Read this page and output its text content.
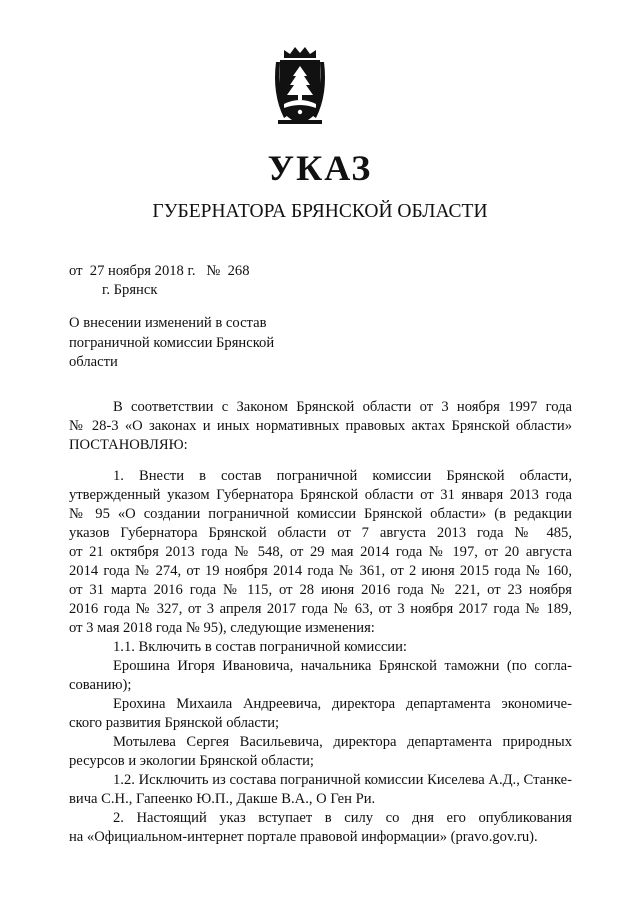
УКАЗ
ГУБЕРНАТОРА БРЯНСКОЙ ОБЛАСТИ
от  27 ноября 2018 г.   №  268
г. Брянск
О внесении изменений в состав
пограничной комиссии Брянской
области
В соответствии с Законом Брянской области от 3 ноября 1997 года
№ 28-3 «О законах и иных нормативных правовых актах Брянской области»
ПОСТАНОВЛЯЮ:
1. Внести в состав пограничной комиссии Брянской области,
утвержденный указом Губернатора Брянской области от 31 января 2013 года
№ 95 «О создании пограничной комиссии Брянской области» (в редакции
указов Губернатора Брянской области от 7 августа 2013 года № 485,
от 21 октября 2013 года № 548, от 29 мая 2014 года № 197, от 20 августа
2014 года № 274, от 19 ноября 2014 года № 361, от 2 июня 2015 года № 160,
от 31 марта 2016 года № 115, от 28 июня 2016 года № 221, от 23 ноября
2016 года № 327, от 3 апреля 2017 года № 63, от 3 ноября 2017 года № 189,
от 3 мая 2018 года № 95), следующие изменения:
1.1. Включить в состав пограничной комиссии:
Ерошина Игоря Ивановича, начальника Брянской таможни (по согла-
сованию);
Ерохина Михаила Андреевича, директора департамента экономиче-
ского развития Брянской области;
Мотылева Сергея Васильевича, директора департамента природных
ресурсов и экологии Брянской области;
1.2. Исключить из состава пограничной комиссии Киселева А.Д., Станке-
вича С.Н., Гапеенко Ю.П., Дакше В.А., О Ген Ри.
2. Настоящий указ вступает в силу со дня его опубликования
на «Официальном-интернет портале правовой информации» (pravo.gov.ru).
